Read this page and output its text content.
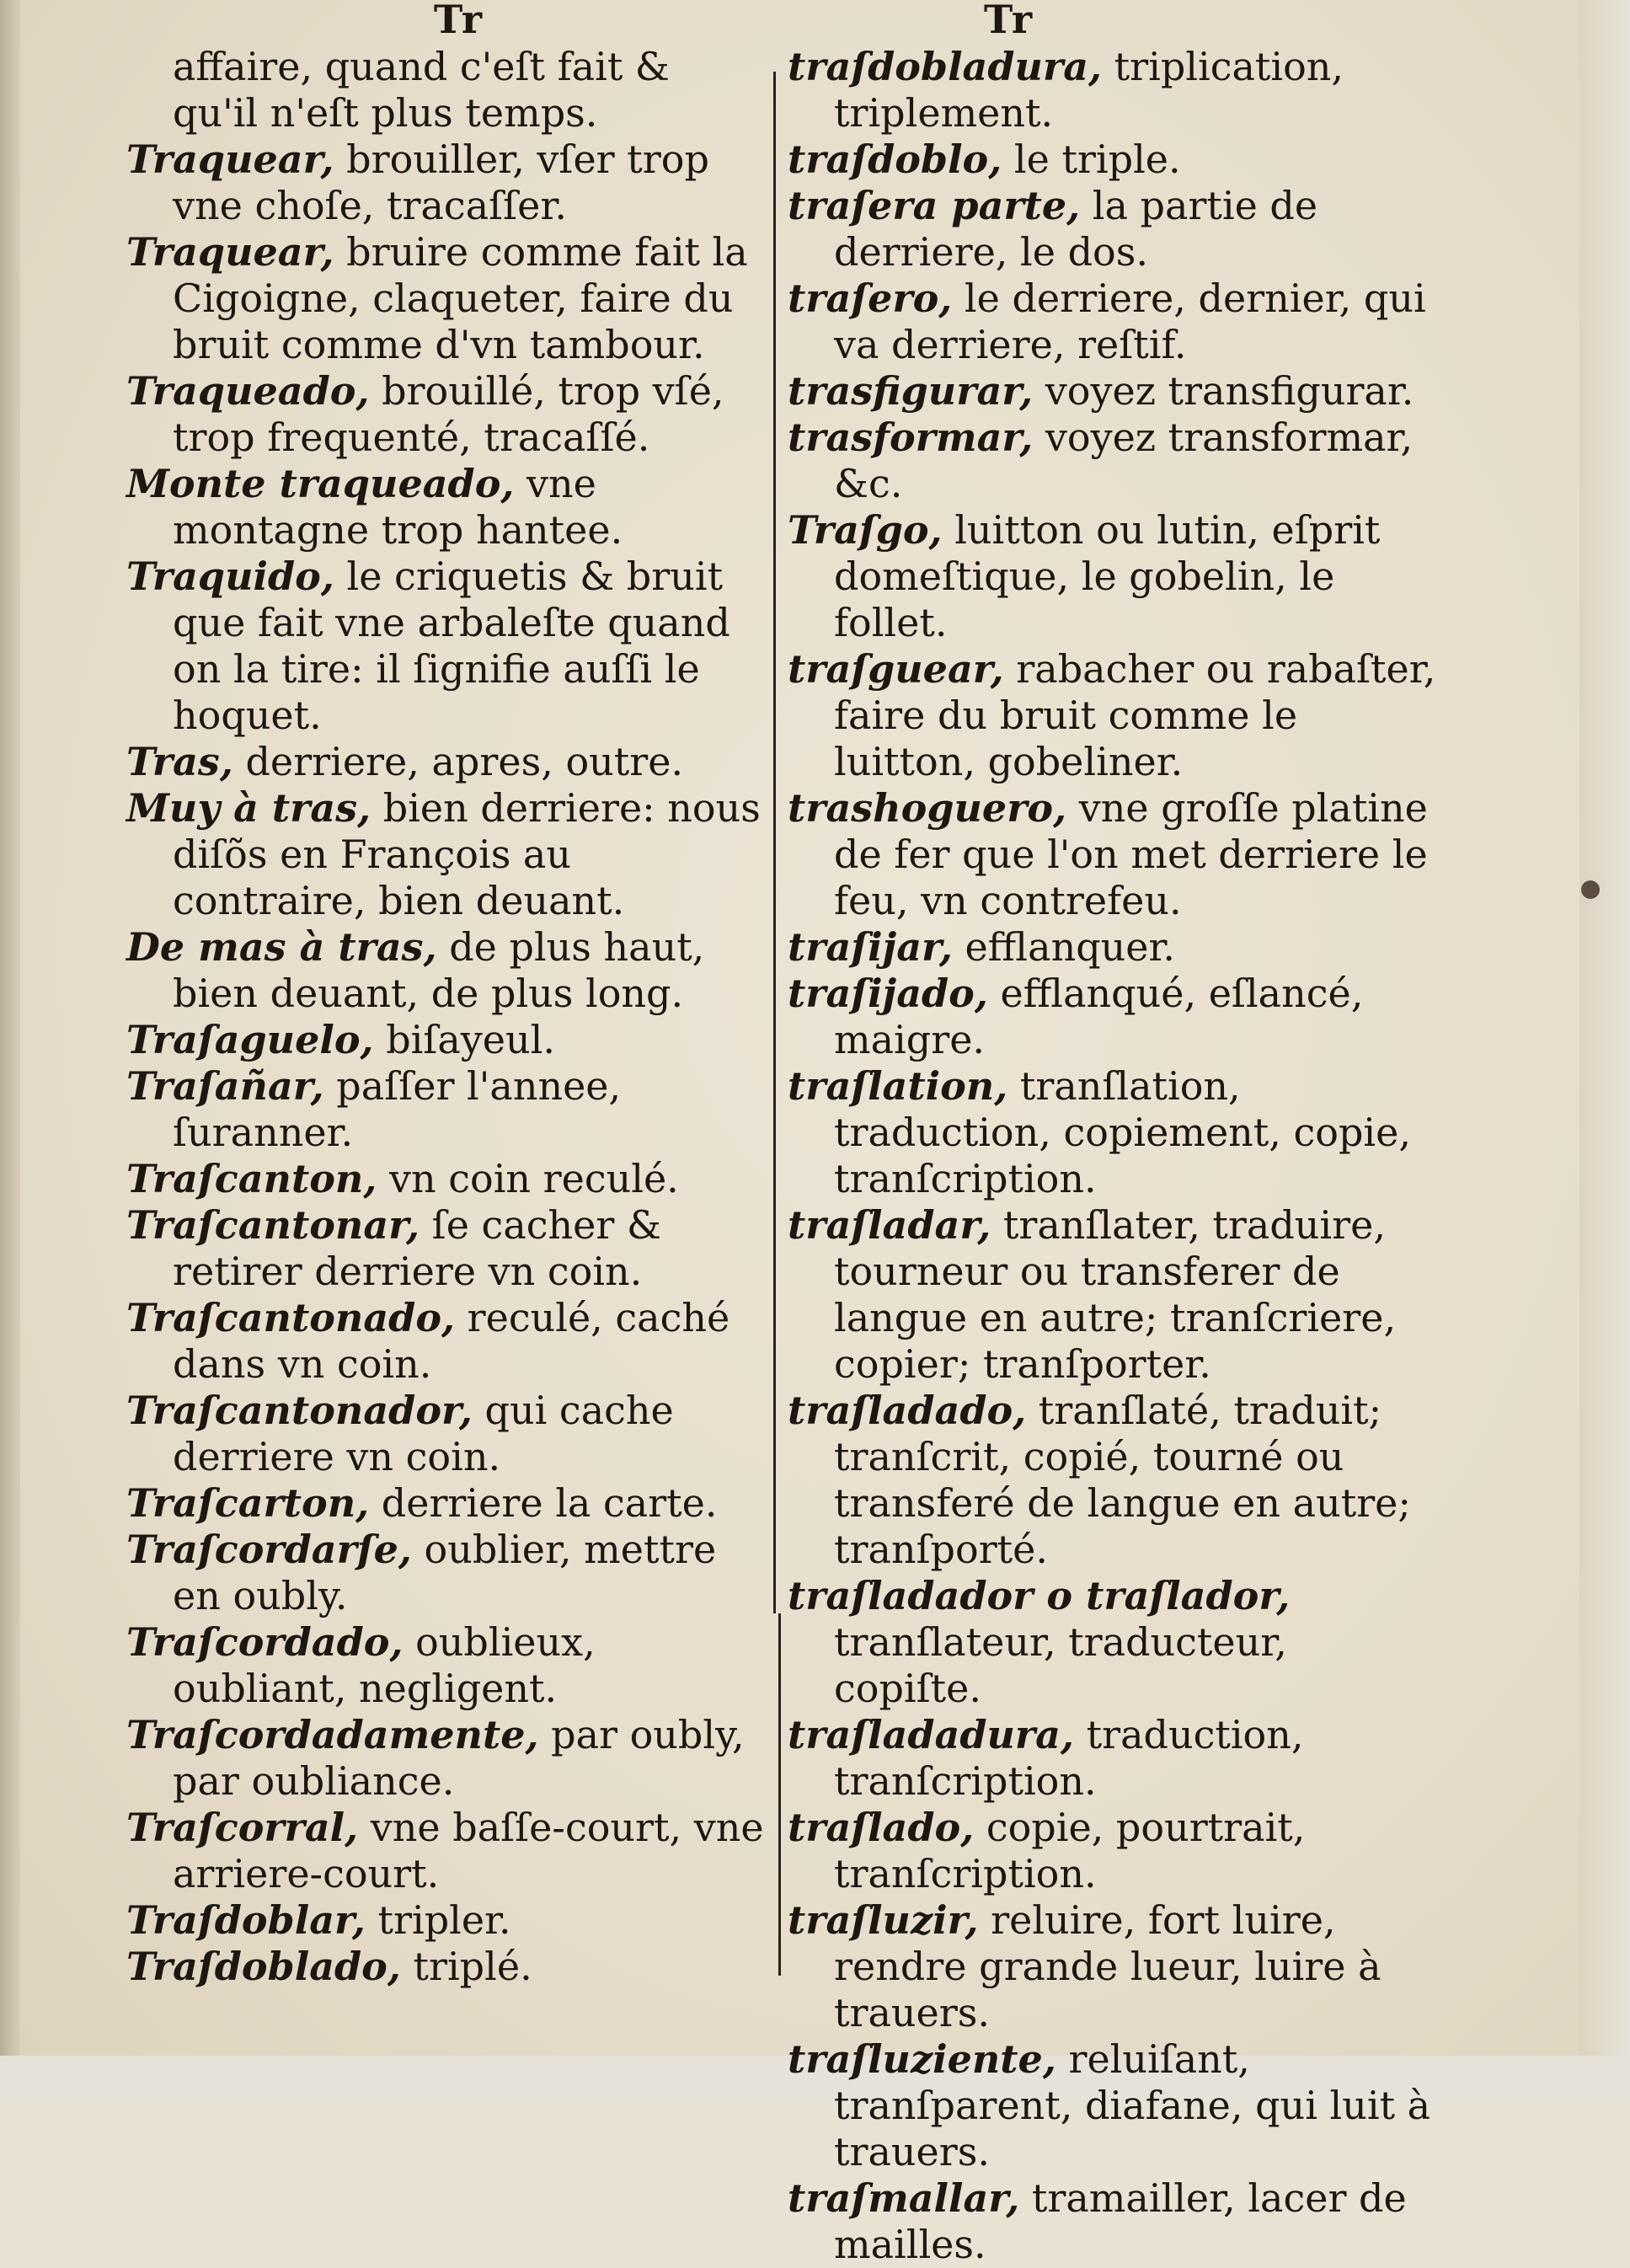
Tr	Tr

affaire, quand c'eſt fait & qu'il n'eſt plus temps.

Traquear, brouiller, vſer trop vne choſe, tracaſſer.

Traquear, bruire comme fait la Cigoigne, claqueter, faire du bruit comme d'vn tambour.

Traqueado, brouillé, trop vſé, trop frequenté, tracaſſé.

Monte traqueado, vne montagne trop hantee.

Traquido, le criquetis & bruit que fait vne arbaleſte quand on la tire: il ſignifie auſſi le hoquet.

Tras, derriere, apres, outre.

Muy à tras, bien derriere: nous diſõs en François au contraire, bien deuant.

De mas à tras, de plus haut, bien deuant, de plus long.

Traſaguelo, biſayeul.

Traſañar, paſſer l'annee, ſuranner.

Traſcanton, vn coin reculé.

Traſcantonar, ſe cacher & retirer derriere vn coin.

Traſcantonado, reculé, caché dans vn coin.

Traſcantonador, qui cache derriere vn coin.

Traſcarton, derriere la carte.

Traſcordarſe, oublier, mettre en oubly.

Traſcordado, oublieux, oubliant, negligent.

Traſcordadamente, par oubly, par oubliance.

Traſcorral, vne baſſe-court, vne arriere-court.

Traſdoblar, tripler.

Traſdoblado, triplé.

traſdobladura, triplication, triplement.

traſdoblo, le triple.

traſera parte, la partie de derriere, le dos.

traſero, le derriere, dernier, qui va derriere, reſtif.

trasfigurar, voyez transfigurar.

trasformar, voyez transformar, &c.

Traſgo, luitton ou lutin, eſprit domeſtique, le gobelin, le follet.

traſguear, rabacher ou rabaſter, faire du bruit comme le luitton, gobeliner.

trashoguero, vne groſſe platine de fer que l'on met derriere le feu, vn contrefeu.

traſijar, efflanquer.

traſijado, efflanqué, eſlancé, maigre.

traſlation, tranſlation, traduction, copiement, copie, tranſcription.

traſladar, tranſlater, traduire, tourneur ou transferer de langue en autre; tranſcriere, copier; tranſporter.

traſladado, tranſlaté, traduit; tranſcrit, copié, tourné ou transferé de langue en autre; tranſporté.

traſladador o traſlador, tranſlateur, traducteur, copiſte.

traſladadura, traduction, tranſcription.

traſlado, copie, pourtrait, tranſcription.

traſluzir, reluire, fort luire, rendre grande lueur, luire à trauers.

traſluziente, reluiſant, tranſparent, diafane, qui luit à trauers.

traſmallar, tramailler, lacer de mailles.
